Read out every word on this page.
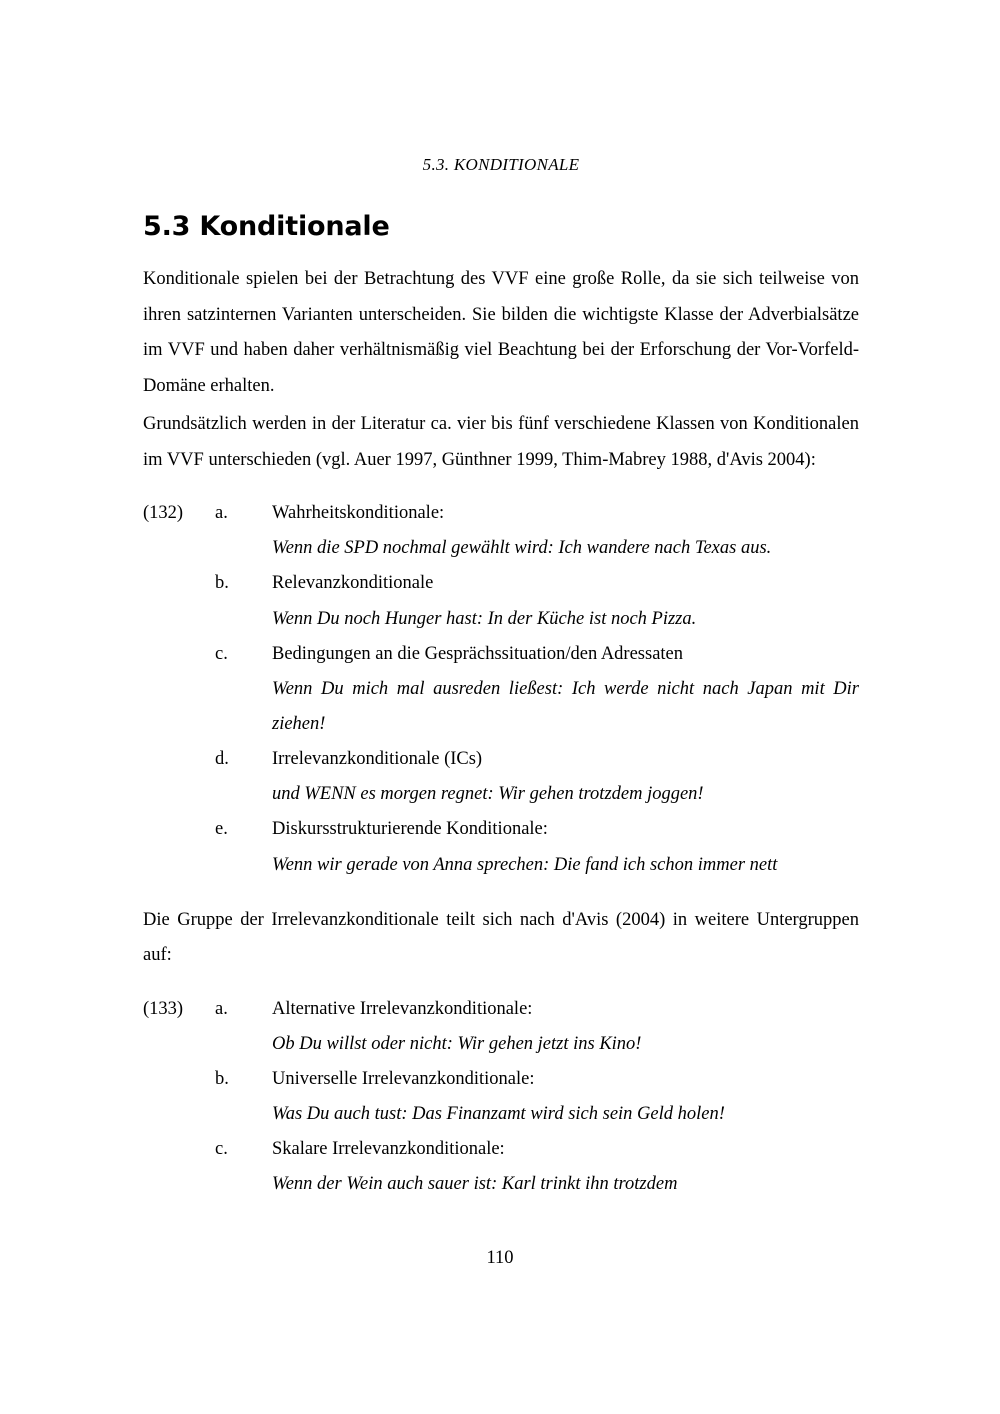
5.3. KONDITIONALE
5.3 Konditionale

Konditionale spielen bei der Betrachtung des VVF eine große Rolle, da sie sich teilweise von ihren satzinternen Varianten unterscheiden. Sie bilden die wichtigste Klasse der Adverbialsätze im VVF und haben daher verhältnismäßig viel Beachtung bei der Erforschung der Vor-Vorfeld-Domäne erhalten.

Grundsätzlich werden in der Literatur ca. vier bis fünf verschiedene Klassen von Konditionalen im VVF unterschieden (vgl. Auer 1997, Günthner 1999, Thim-Mabrey 1988, d'Avis 2004):

(132)	a.	Wahrheitskonditionale:
Wenn die SPD nochmal gewählt wird: Ich wandere nach Texas aus.
b.	Relevanzkonditionale
Wenn Du noch Hunger hast: In der Küche ist noch Pizza.
c.	Bedingungen an die Gesprächssituation/den Adressaten
Wenn Du mich mal ausreden ließest: Ich werde nicht nach Japan mit Dir ziehen!
d.	Irrelevanzkonditionale (ICs)
und WENN es morgen regnet: Wir gehen trotzdem joggen!
e.	Diskursstrukturierende Konditionale:
Wenn wir gerade von Anna sprechen: Die fand ich schon immer nett

Die Gruppe der Irrelevanzkonditionale teilt sich nach d'Avis (2004) in weitere Untergruppen auf:

(133)	a.	Alternative Irrelevanzkonditionale:
Ob Du willst oder nicht: Wir gehen jetzt ins Kino!
b.	Universelle Irrelevanzkonditionale:
Was Du auch tust: Das Finanzamt wird sich sein Geld holen!
c.	Skalare Irrelevanzkonditionale:
Wenn der Wein auch sauer ist: Karl trinkt ihn trotzdem
110
